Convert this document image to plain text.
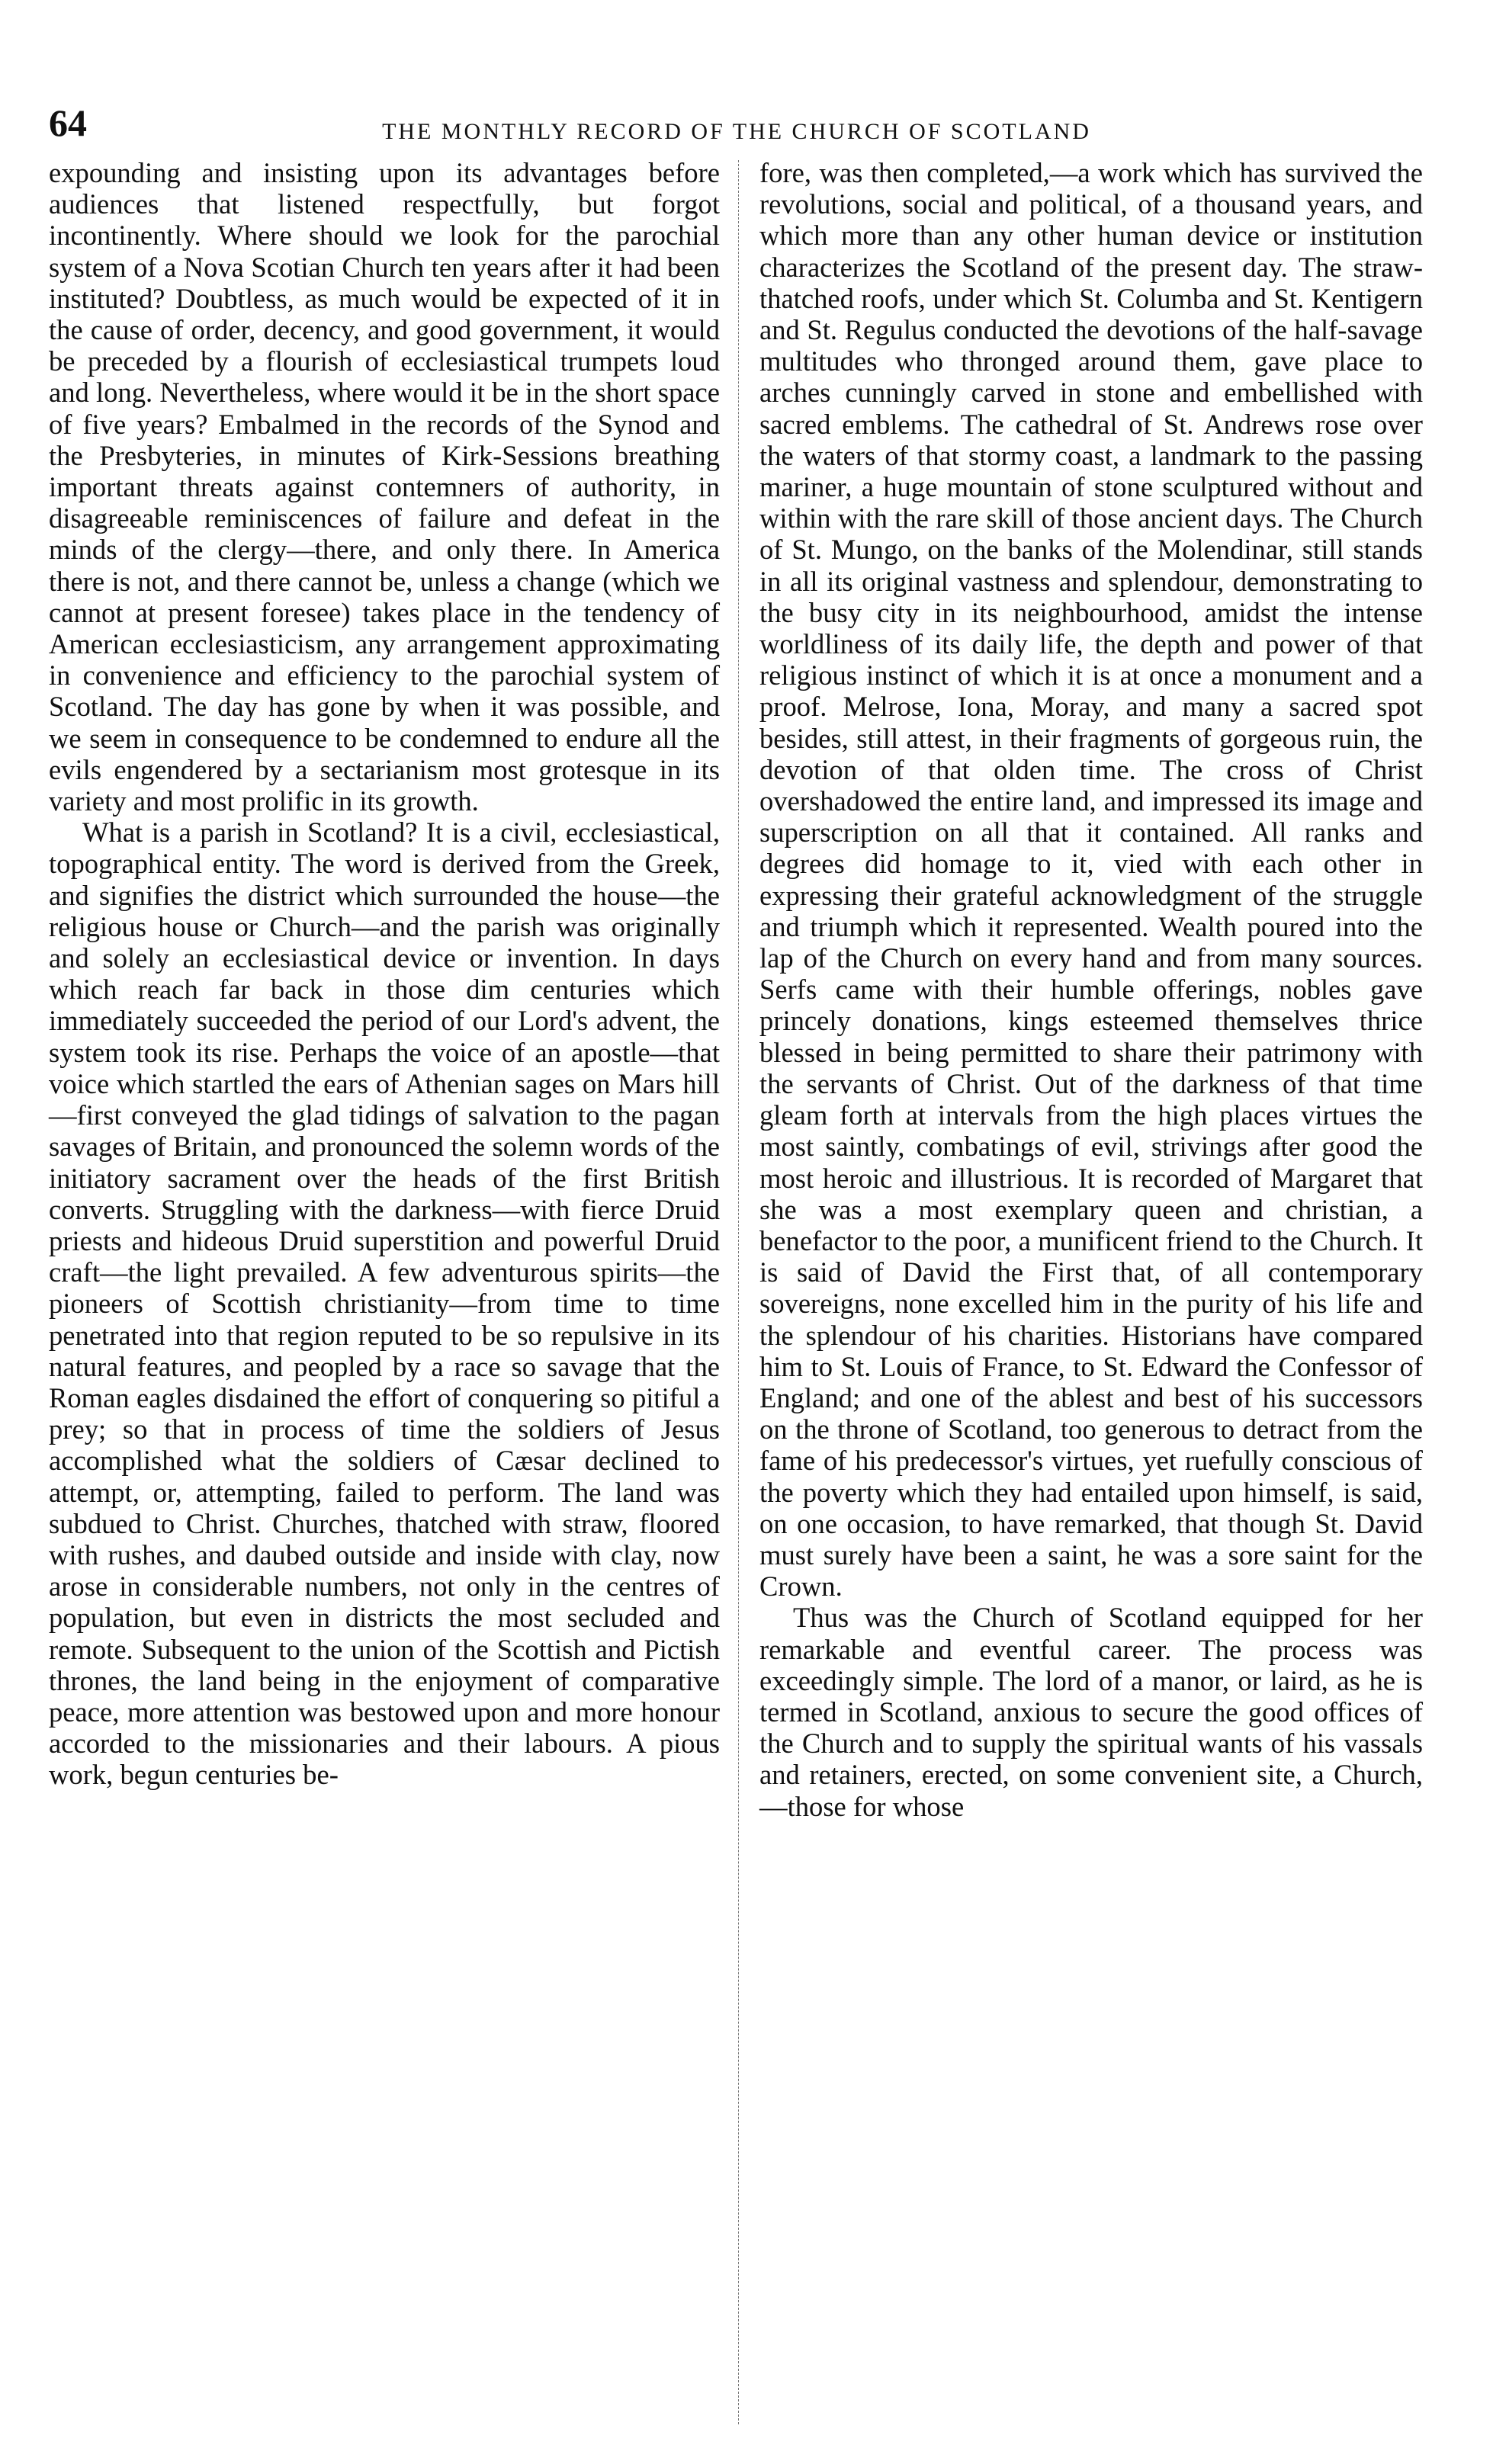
64	THE MONTHLY RECORD OF THE CHURCH OF SCOTLAND

expounding and insisting upon its advantages before audiences that listened respectfully, but forgot incontinently. Where should we look for the parochial system of a Nova Scotian Church ten years after it had been instituted? Doubtless, as much would be expected of it in the cause of order, decency, and good government, it would be preceded by a flourish of ecclesiastical trumpets loud and long. Nevertheless, where would it be in the short space of five years? Embalmed in the records of the Synod and the Presbyteries, in minutes of Kirk-Sessions breathing important threats against contemners of authority, in disagreeable reminiscences of failure and defeat in the minds of the clergy—there, and only there. In America there is not, and there cannot be, unless a change (which we cannot at present foresee) takes place in the tendency of American ecclesiasticism, any arrangement approximating in convenience and efficiency to the parochial system of Scotland. The day has gone by when it was possible, and we seem in consequence to be condemned to endure all the evils engendered by a sectarianism most grotesque in its variety and most prolific in its growth.

What is a parish in Scotland? It is a civil, ecclesiastical, topographical entity. The word is derived from the Greek, and signifies the district which surrounded the house—the religious house or Church—and the parish was originally and solely an ecclesiastical device or invention. In days which reach far back in those dim centuries which immediately succeeded the period of our Lord's advent, the system took its rise. Perhaps the voice of an apostle—that voice which startled the ears of Athenian sages on Mars hill—first conveyed the glad tidings of salvation to the pagan savages of Britain, and pronounced the solemn words of the initiatory sacrament over the heads of the first British converts. Struggling with the darkness—with fierce Druid priests and hideous Druid superstition and powerful Druid craft—the light prevailed. A few adventurous spirits—the pioneers of Scottish christianity—from time to time penetrated into that region reputed to be so repulsive in its natural features, and peopled by a race so savage that the Roman eagles disdained the effort of conquering so pitiful a prey; so that in process of time the soldiers of Jesus accomplished what the soldiers of Cæsar declined to attempt, or, attempting, failed to perform. The land was subdued to Christ. Churches, thatched with straw, floored with rushes, and daubed outside and inside with clay, now arose in considerable numbers, not only in the centres of population, but even in districts the most secluded and remote. Subsequent to the union of the Scottish and Pictish thrones, the land being in the enjoyment of comparative peace, more attention was bestowed upon and more honour accorded to the missionaries and their labours. A pious work, begun centuries be-

fore, was then completed,—a work which has survived the revolutions, social and political, of a thousand years, and which more than any other human device or institution characterizes the Scotland of the present day. The straw-thatched roofs, under which St. Columba and St. Kentigern and St. Regulus conducted the devotions of the half-savage multitudes who thronged around them, gave place to arches cunningly carved in stone and embellished with sacred emblems. The cathedral of St. Andrews rose over the waters of that stormy coast, a landmark to the passing mariner, a huge mountain of stone sculptured without and within with the rare skill of those ancient days. The Church of St. Mungo, on the banks of the Molendinar, still stands in all its original vastness and splendour, demonstrating to the busy city in its neighbourhood, amidst the intense worldliness of its daily life, the depth and power of that religious instinct of which it is at once a monument and a proof. Melrose, Iona, Moray, and many a sacred spot besides, still attest, in their fragments of gorgeous ruin, the devotion of that olden time. The cross of Christ overshadowed the entire land, and impressed its image and superscription on all that it contained. All ranks and degrees did homage to it, vied with each other in expressing their grateful acknowledgment of the struggle and triumph which it represented. Wealth poured into the lap of the Church on every hand and from many sources. Serfs came with their humble offerings, nobles gave princely donations, kings esteemed themselves thrice blessed in being permitted to share their patrimony with the servants of Christ. Out of the darkness of that time gleam forth at intervals from the high places virtues the most saintly, combatings of evil, strivings after good the most heroic and illustrious. It is recorded of Margaret that she was a most exemplary queen and christian, a benefactor to the poor, a munificent friend to the Church. It is said of David the First that, of all contemporary sovereigns, none excelled him in the purity of his life and the splendour of his charities. Historians have compared him to St. Louis of France, to St. Edward the Confessor of England; and one of the ablest and best of his successors on the throne of Scotland, too generous to detract from the fame of his predecessor's virtues, yet ruefully conscious of the poverty which they had entailed upon himself, is said, on one occasion, to have remarked, that though St. David must surely have been a saint, he was a sore saint for the Crown.

Thus was the Church of Scotland equipped for her remarkable and eventful career. The process was exceedingly simple. The lord of a manor, or laird, as he is termed in Scotland, anxious to secure the good offices of the Church and to supply the spiritual wants of his vassals and retainers, erected, on some convenient site, a Church,—those for whose
